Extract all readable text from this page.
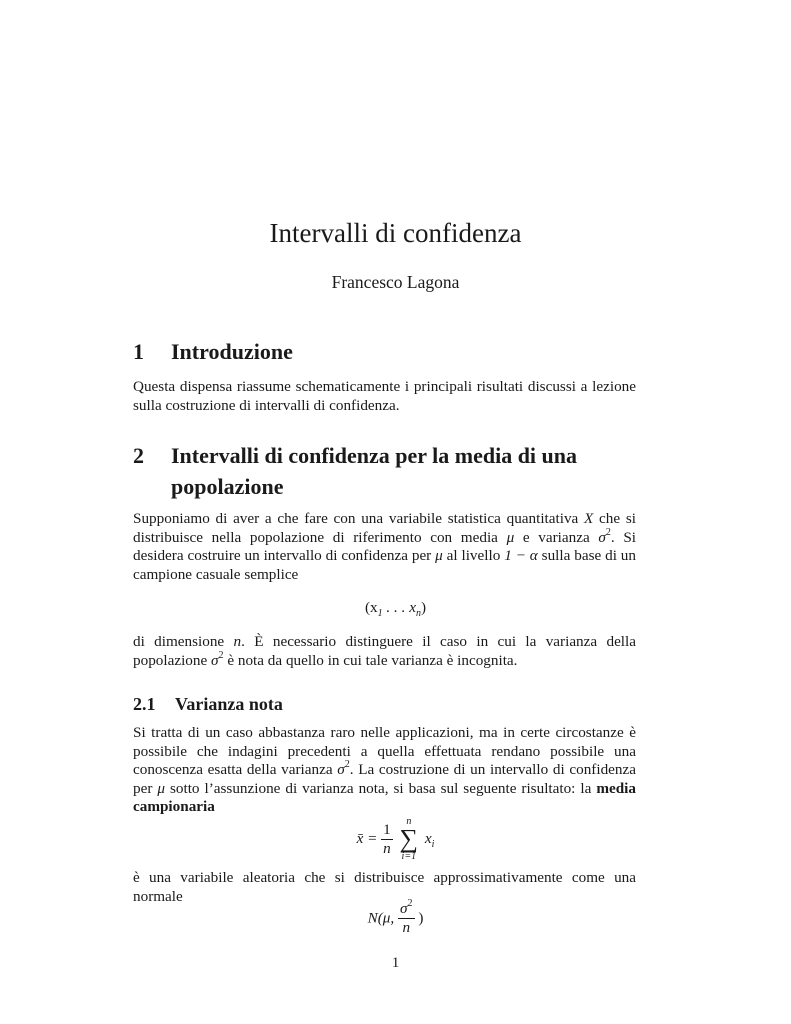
Intervalli di confidenza
Francesco Lagona
1	Introduzione

Questa dispensa riassume schematicamente i principali risultati discussi a lezione sulla costruzione di intervalli di confidenza.

2	Intervalli di confidenza per la media di una
popolazione

Supponiamo di aver a che fare con una variabile statistica quantitativa X che si distribuisce nella popolazione di riferimento con media μ e varianza $\sigma^2$. Si desidera costruire un intervallo di confidenza per μ al livello 1 − α sulla base di un campione casuale semplice

($x_1$ . . . $x_n$)

di dimensione n. È necessario distinguere il caso in cui la varianza della popolazione $\sigma^2$ è nota da quello in cui tale varianza è incognita.

2.1	Varianza nota

Si tratta di un caso abbastanza raro nelle applicazioni, ma in certe circostanze è possibile che indagini precedenti a quella effettuata rendano possibile una conoscenza esatta della varianza $\sigma^2$. La costruzione di un intervallo di confidenza per μ sotto l’assunzione di varianza nota, si basa sul seguente risultato: la media campionaria

x̄ = $\frac{1}{n}$
	n
∑
i=1
$x_i$

è una variabile aleatoria che si distribuisce approssimativamente come una normale

N(μ, $\frac{\sigma^2}{n}$ )
1
